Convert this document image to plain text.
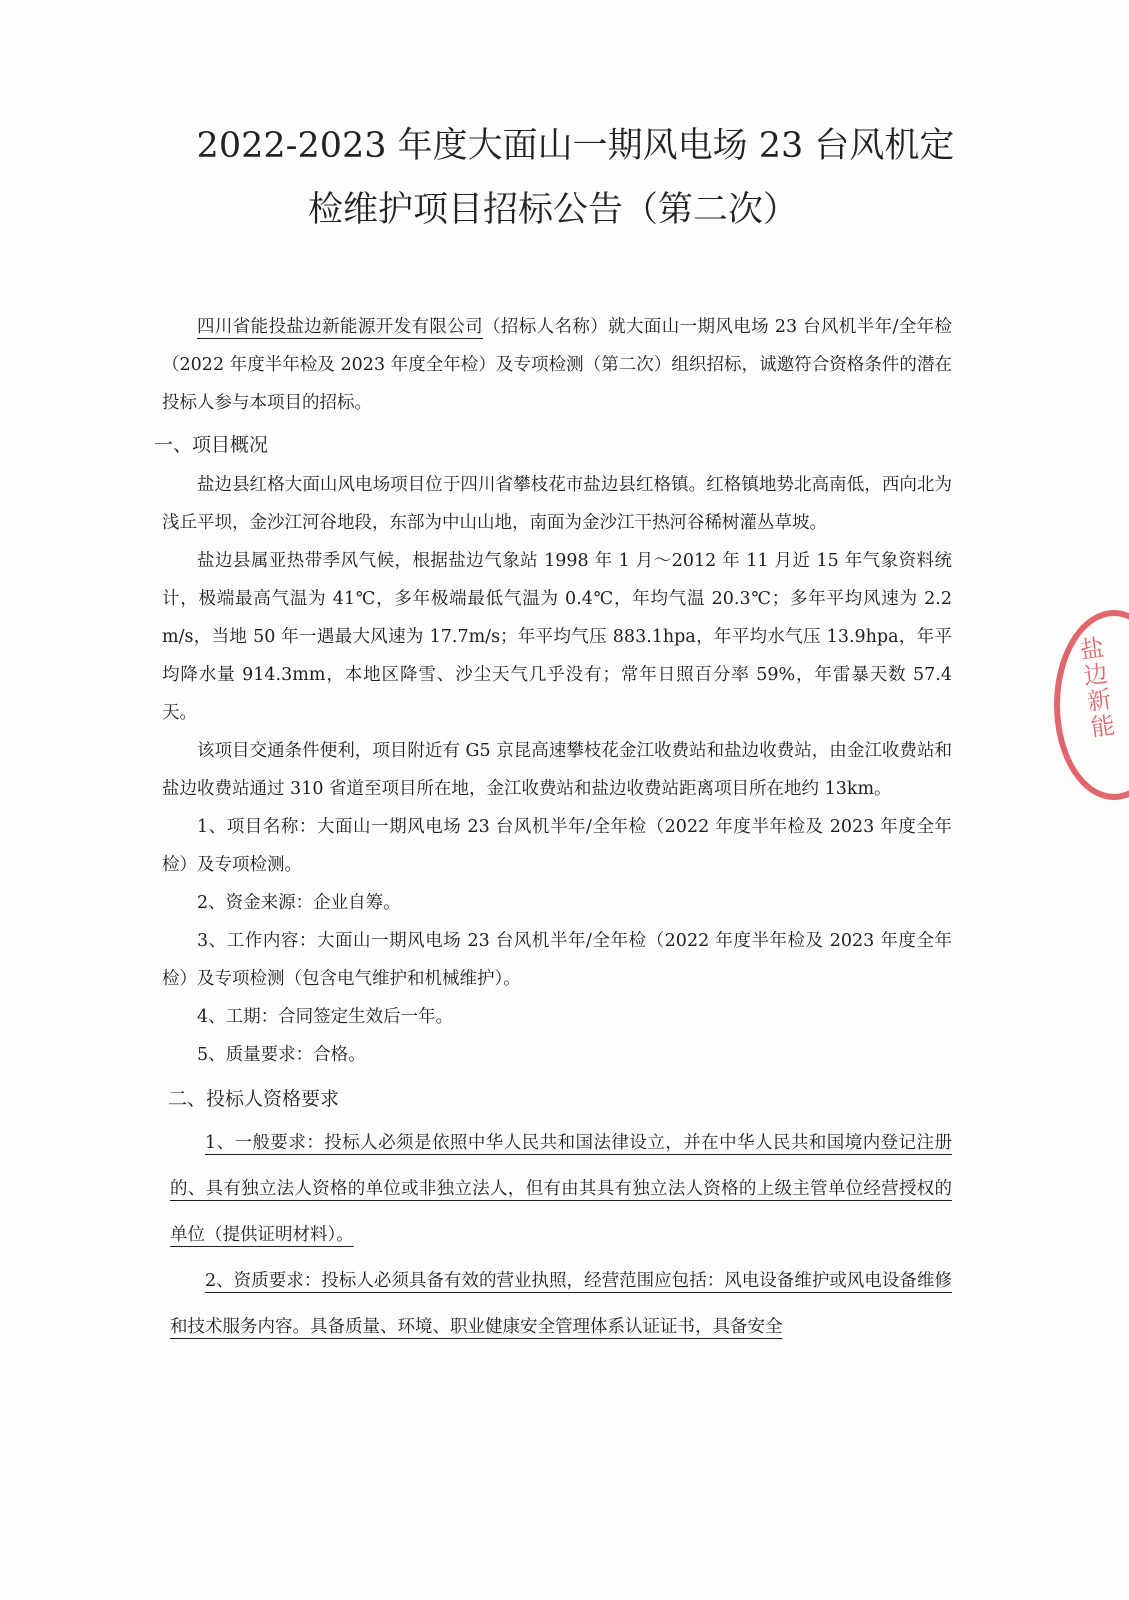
2022-2023 年度大面山一期风电场 23 台风机定
检维护项目招标公告（第二次）

四川省能投盐边新能源开发有限公司（招标人名称）就大面山一期风电场 23 台风机半年/全年检（2022 年度半年检及 2023 年度全年检）及专项检测（第二次）组织招标，诚邀符合资格条件的潜在投标人参与本项目的招标。

一、项目概况

盐边县红格大面山风电场项目位于四川省攀枝花市盐边县红格镇。红格镇地势北高南低，西向北为浅丘平坝，金沙江河谷地段，东部为中山山地，南面为金沙江干热河谷稀树灌丛草坡。

盐边县属亚热带季风气候，根据盐边气象站 1998 年 1 月～2012 年 11 月近 15 年气象资料统计，极端最高气温为 41℃，多年极端最低气温为 0.4℃，年均气温 20.3℃；多年平均风速为 2.2　m/s，当地 50 年一遇最大风速为 17.7m/s；年平均气压 883.1hpa，年平均水气压 13.9hpa，年平均降水量 914.3mm，本地区降雪、沙尘天气几乎没有；常年日照百分率 59%，年雷暴天数 57.4 天。

该项目交通条件便利，项目附近有 G5 京昆高速攀枝花金江收费站和盐边收费站，由金江收费站和盐边收费站通过 310 省道至项目所在地，金江收费站和盐边收费站距离项目所在地约 13km。

1、项目名称：大面山一期风电场 23 台风机半年/全年检（2022 年度半年检及 2023 年度全年检）及专项检测。

2、资金来源：企业自筹。

3、工作内容：大面山一期风电场 23 台风机半年/全年检（2022 年度半年检及 2023 年度全年检）及专项检测（包含电气维护和机械维护）。

4、工期：合同签定生效后一年。

5、质量要求：合格。

二、投标人资格要求

1、一般要求：投标人必须是依照中华人民共和国法律设立，并在中华人民共和国境内登记注册的、具有独立法人资格的单位或非独立法人，但有由其具有独立法人资格的上级主管单位经营授权的单位（提供证明材料）。

2、资质要求：投标人必须具备有效的营业执照，经营范围应包括：风电设备维护或风电设备维修和技术服务内容。具备质量、环境、职业健康安全管理体系认证证书，具备安全

盐边新能
